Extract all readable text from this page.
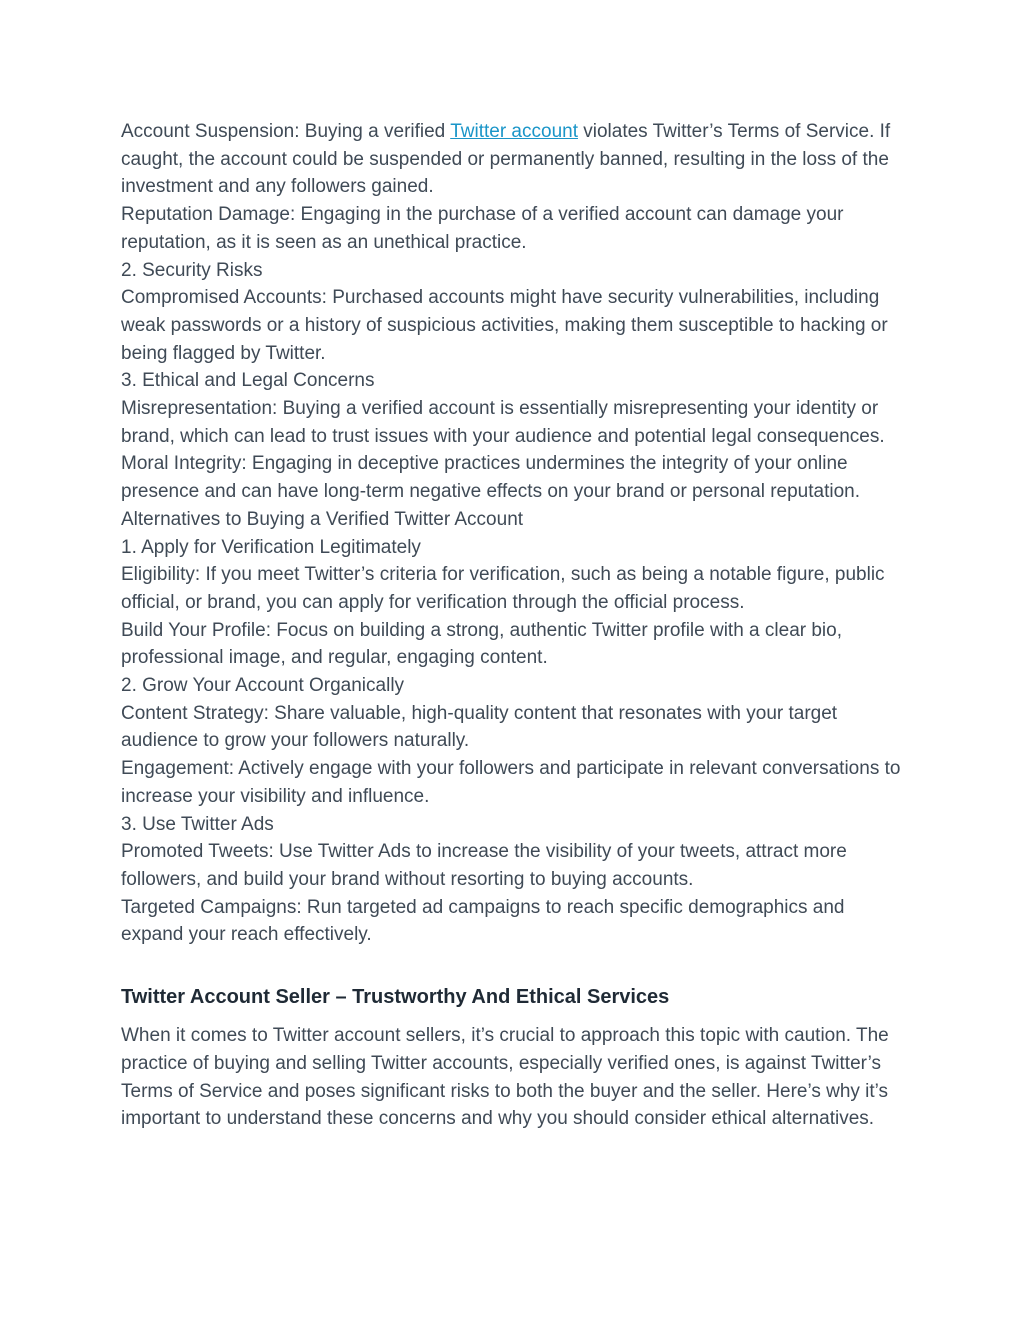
Account Suspension: Buying a verified Twitter account violates Twitter’s Terms of Service. If caught, the account could be suspended or permanently banned, resulting in the loss of the investment and any followers gained.

Reputation Damage: Engaging in the purchase of a verified account can damage your reputation, as it is seen as an unethical practice.

2. Security Risks

Compromised Accounts: Purchased accounts might have security vulnerabilities, including weak passwords or a history of suspicious activities, making them susceptible to hacking or being flagged by Twitter.

3. Ethical and Legal Concerns

Misrepresentation: Buying a verified account is essentially misrepresenting your identity or brand, which can lead to trust issues with your audience and potential legal consequences.

Moral Integrity: Engaging in deceptive practices undermines the integrity of your online presence and can have long-term negative effects on your brand or personal reputation.

Alternatives to Buying a Verified Twitter Account

1. Apply for Verification Legitimately

Eligibility: If you meet Twitter’s criteria for verification, such as being a notable figure, public official, or brand, you can apply for verification through the official process.

Build Your Profile: Focus on building a strong, authentic Twitter profile with a clear bio, professional image, and regular, engaging content.

2. Grow Your Account Organically

Content Strategy: Share valuable, high-quality content that resonates with your target audience to grow your followers naturally.

Engagement: Actively engage with your followers and participate in relevant conversations to increase your visibility and influence.

3. Use Twitter Ads

Promoted Tweets: Use Twitter Ads to increase the visibility of your tweets, attract more followers, and build your brand without resorting to buying accounts.

Targeted Campaigns: Run targeted ad campaigns to reach specific demographics and expand your reach effectively.

Twitter Account Seller – Trustworthy And Ethical Services

When it comes to Twitter account sellers, it’s crucial to approach this topic with caution. The practice of buying and selling Twitter accounts, especially verified ones, is against Twitter’s Terms of Service and poses significant risks to both the buyer and the seller. Here’s why it’s important to understand these concerns and why you should consider ethical alternatives.
